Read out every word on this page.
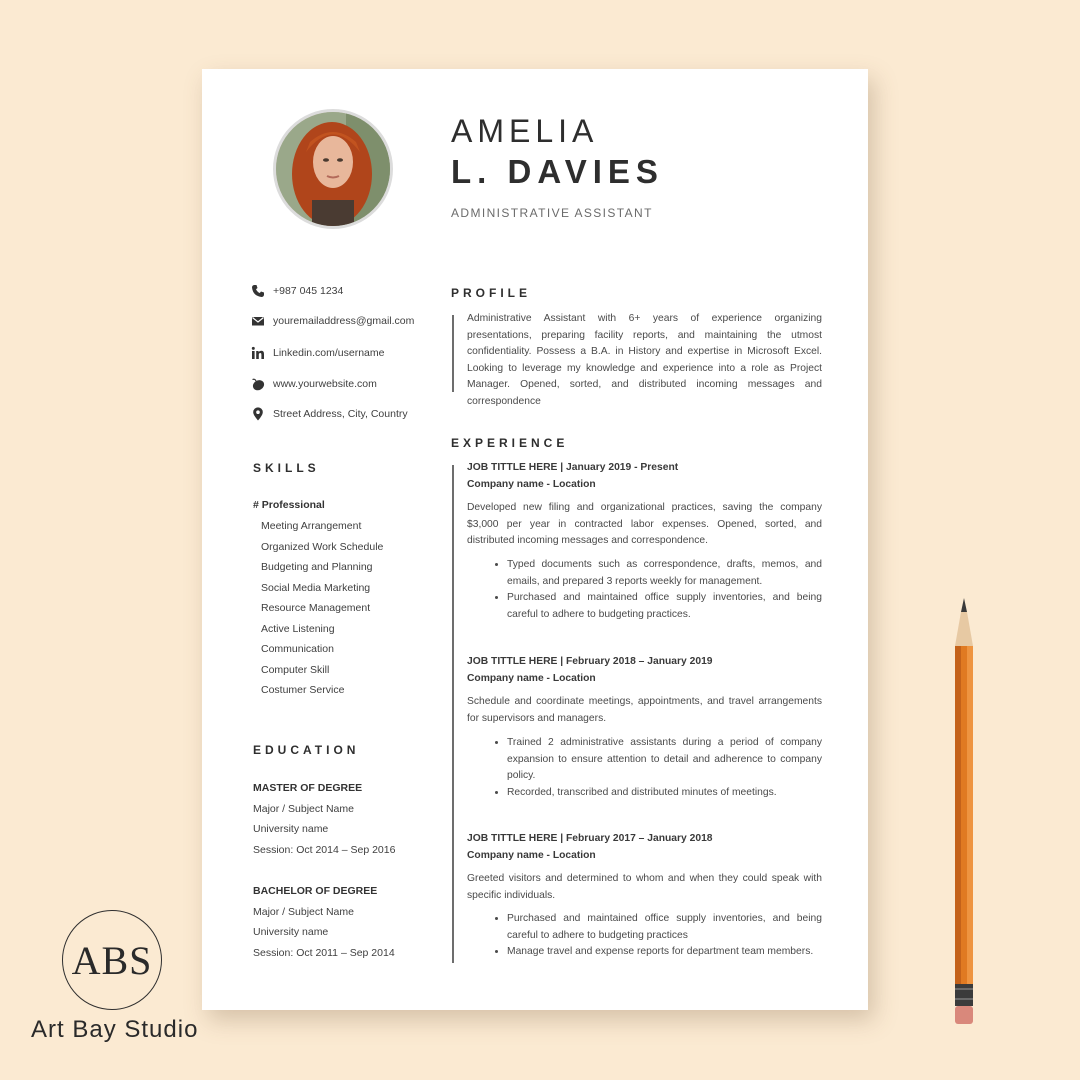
AMELIA
L. DAVIES
ADMINISTRATIVE ASSISTANT
+987 045 1234
youremailaddress@gmail.com
Linkedin.com/username
www.yourwebsite.com
Street Address, City, Country
SKILLS
# Professional
Meeting Arrangement
Organized Work Schedule
Budgeting and Planning
Social Media Marketing
Resource Management
Active Listening
Communication
Computer Skill
Costumer Service
EDUCATION
MASTER OF DEGREE
Major / Subject Name
University name
Session: Oct 2014 – Sep 2016
BACHELOR OF DEGREE
Major / Subject Name
University name
Session: Oct 2011 – Sep 2014
PROFILE

Administrative Assistant with 6+ years of experience organizing presentations, preparing facility reports, and maintaining the utmost confidentiality. Possess a B.A. in History and expertise in Microsoft Excel. Looking to leverage my knowledge and experience into a role as Project Manager. Opened, sorted, and distributed incoming messages and correspondence

EXPERIENCE
JOB TITTLE HERE | January 2019 - Present
Company name - Location

Developed new filing and organizational practices, saving the company $3,000 per year in contracted labor expenses. Opened, sorted, and distributed incoming messages and correspondence.

• Typed documents such as correspondence, drafts, memos, and emails, and prepared 3 reports weekly for management.
• Purchased and maintained office supply inventories, and being careful to adhere to budgeting practices.
JOB TITTLE HERE | February 2018 – January 2019
Company name - Location

Schedule and coordinate meetings, appointments, and travel arrangements for supervisors and managers.

• Trained 2 administrative assistants during a period of company expansion to ensure attention to detail and adherence to company policy.
• Recorded, transcribed and distributed minutes of meetings.
JOB TITTLE HERE | February 2017 – January 2018
Company name - Location

Greeted visitors and determined to whom and when they could speak with specific individuals.

• Purchased and maintained office supply inventories, and being careful to adhere to budgeting practices
• Manage travel and expense reports for department team members.
ABS
Art Bay Studio
